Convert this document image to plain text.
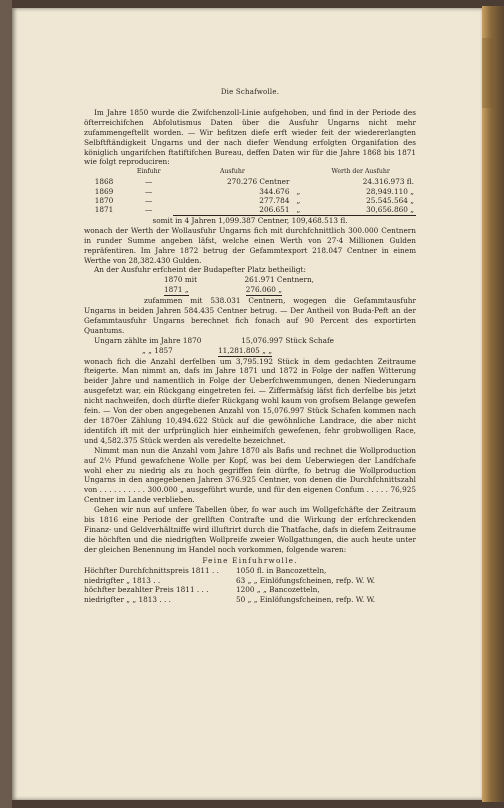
Die Schafwolle.

Im Jahre 1850 wurde die Zwifchenzoll-Linie aufgehoben, und find in der Periode des öfterreichifchen Abfolutismus Daten über die Ausfuhr Ungarns nicht mehr zufammengeftellt worden. — Wir befitzen diefe erft wieder feit der wiedererlangten Selbftftändigkeit Ungarns und der nach diefer Wendung erfolgten Organifation des königlich ungarifchen ftatiftifchen Bureau, deffen Daten wir für die Jahre 1868 bis 1871 wie folgt reproduciren:

	Einfuhr	Ausfuhr		Werth der Ausfuhr
1868	—	270.276 Centner		24.316.973 fl.
1869	—	344.676	„	28,949.110 „
1870	—	277.784	„	25.545.564 „
1871	—	206.651	„	30,656.860 „
somit in 4 Jahren 1,099.387 Centner, 109,468.513 fl.

wonach der Werth der Wollausfuhr Ungarns fich mit durchfchnittlich 300.000 Centnern in runder Summe angeben läfst, welche einen Werth von 27·4 Millionen Gulden repräfentiren. Im Jahre 1872 betrug der Gefammtexport 218.047 Centner in einem Werthe von 28,382.430 Gulden.

An der Ausfuhr erfcheint der Budapefter Platz betheiligt:

1870 mit	261.971 Centnern,
1871 „	276.060 „

zufammen mit 538.031 Centnern, wogegen die Gefammtausfuhr Ungarns in beiden Jahren 584.435 Centner betrug. — Der Antheil von Buda-Peft an der Gefammtausfuhr Ungarns berechnet fich fonach auf 90 Percent des exportirten Quantums.

Ungarn zählte im Jahre 1870	15,076.997 Stück Schafe
„ „ 1857	11,281.805 „ „

wonach fich die Anzahl derfelben um 3,795.192 Stück in dem gedachten Zeitraume fteigerte. Man nimmt an, dafs im Jahre 1871 und 1872 in Folge der naffen Witterung beider Jahre und namentlich in Folge der Ueberfchwemmungen, denen Niederungarn ausgefetzt war, ein Rückgang eingetreten fei. — Ziffermäfsig läfst fich derfelbe bis jetzt nicht nachweifen, doch dürfte diefer Rückgang wohl kaum von grofsem Belange gewefen fein. — Von der oben angegebenen Anzahl von 15,076.997 Stück Schafen kommen nach der 1870er Zählung 10,494.622 Stück auf die gewöhnliche Landrace, die aber nicht identifch ift mit der urfprünglich hier einheimifch gewefenen, fehr grobwolligen Race, und 4,582.375 Stück werden als veredelte bezeichnet.

Nimmt man nun die Anzahl vom Jahre 1870 als Bafis und rechnet die Wollproduction auf 2½ Pfund gewafchene Wolle per Kopf, was bei dem Ueberwiegen der Landfchafe wohl eher zu niedrig als zu hoch gegriffen fein dürfte, fo betrug die Wollproduction Ungarns in den angegebenen Jahren 376.925 Centner, von denen die Durchfchnittszahl von . . . . . . . . . . 300.000 „ ausgeführt wurde, und für den eigenen Confum . . . . . 76,925 Centner im Lande verblieben.

Gehen wir nun auf unfere Tabellen über, fo war auch im Wollgefchäfte der Zeitraum bis 1816 eine Periode der grellften Contrafte und die Wirkung der erfchreckenden Finanz- und Geldverhältniffe wird illuftrirt durch die Thatfache, dafs in diefem Zeitraume die höchften und die niedrigften Wollpreife zweier Wollgattungen, die auch heute unter der gleichen Benennung im Handel noch vorkommen, folgende waren:

Feine Einfuhrwolle.
Höchfter Durchfchnittspreis 1811 . . 1050 fl. in Bancozetteln,
niedrigfter „ 1813 . .	63 „ „ Einlöfungsfcheinen, refp. W. W.
höchfter bezahlter Preis 1811 . . .	1200 „ „ Bancozetteln,
niedrigfter „ „ 1813 . . .	50 „ „ Einlöfungsfcheinen, refp. W. W.
